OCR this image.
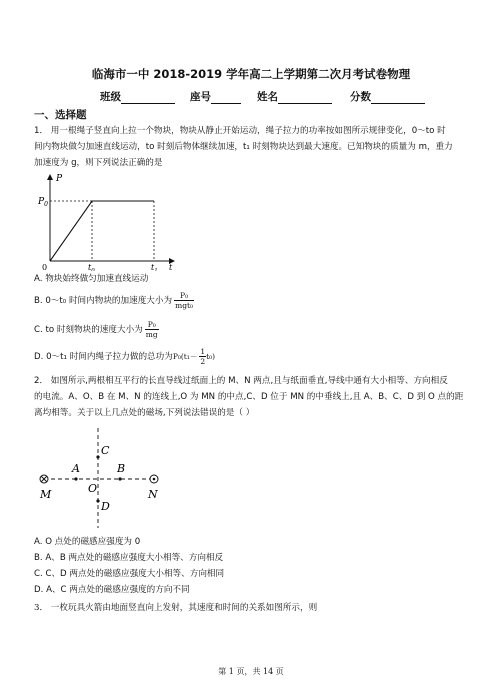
临海市一中 2018-2019 学年高二上学期第二次月考试卷物理
班级	座号	姓名	分数
一、选择题
1． 用一根绳子竖直向上拉一个物块，物块从静止开始运动，绳子拉力的功率按如图所示规律变化，0～to 时
间内物块做匀加速直线运动，to 时刻后物体继续加速，t₁ 时刻物块达到最大速度。已知物块的质量为 m，重力
加速度为 g，则下列说法正确的是
P
$P_0$
0	$t_0$	$t_1$ t
A. 物块始终做匀加速直线运动
B. 0～t₀ 时间内物块的加速度大小为 $\frac{\text{P₀}}{\text{mgt₀}}$
C. to 时刻物块的速度大小为 $\frac{\text{P₀}}{mg}$
D. 0～t₁ 时间内绳子拉力做的总功为$P_0(t_1- \frac{1}{2} t_0)$
2． 如图所示,两根相互平行的长直导线过纸面上的 M、N 两点,且与纸面垂直,导线中通有大小相等、方向相反
的电流。A、O、B 在 M、N 的连线上,O 为 MN 的中点,C、D 位于 MN 的中垂线上,且 A、B、C、D 到 O 点的距
离均相等。关于以上几点处的磁场,下列说法错误的是（ ）
M	N
A	B
C
D
O
A. O 点处的磁感应强度为 0
B. A、B 两点处的磁感应强度大小相等、方向相反
C. C、D 两点处的磁感应强度大小相等、方向相同
D. A、C 两点处的磁感应强度的方向不同
3． 一枚玩具火箭由地面竖直向上发射，其速度和时间的关系如图所示，则
第 1 页，共 14 页
